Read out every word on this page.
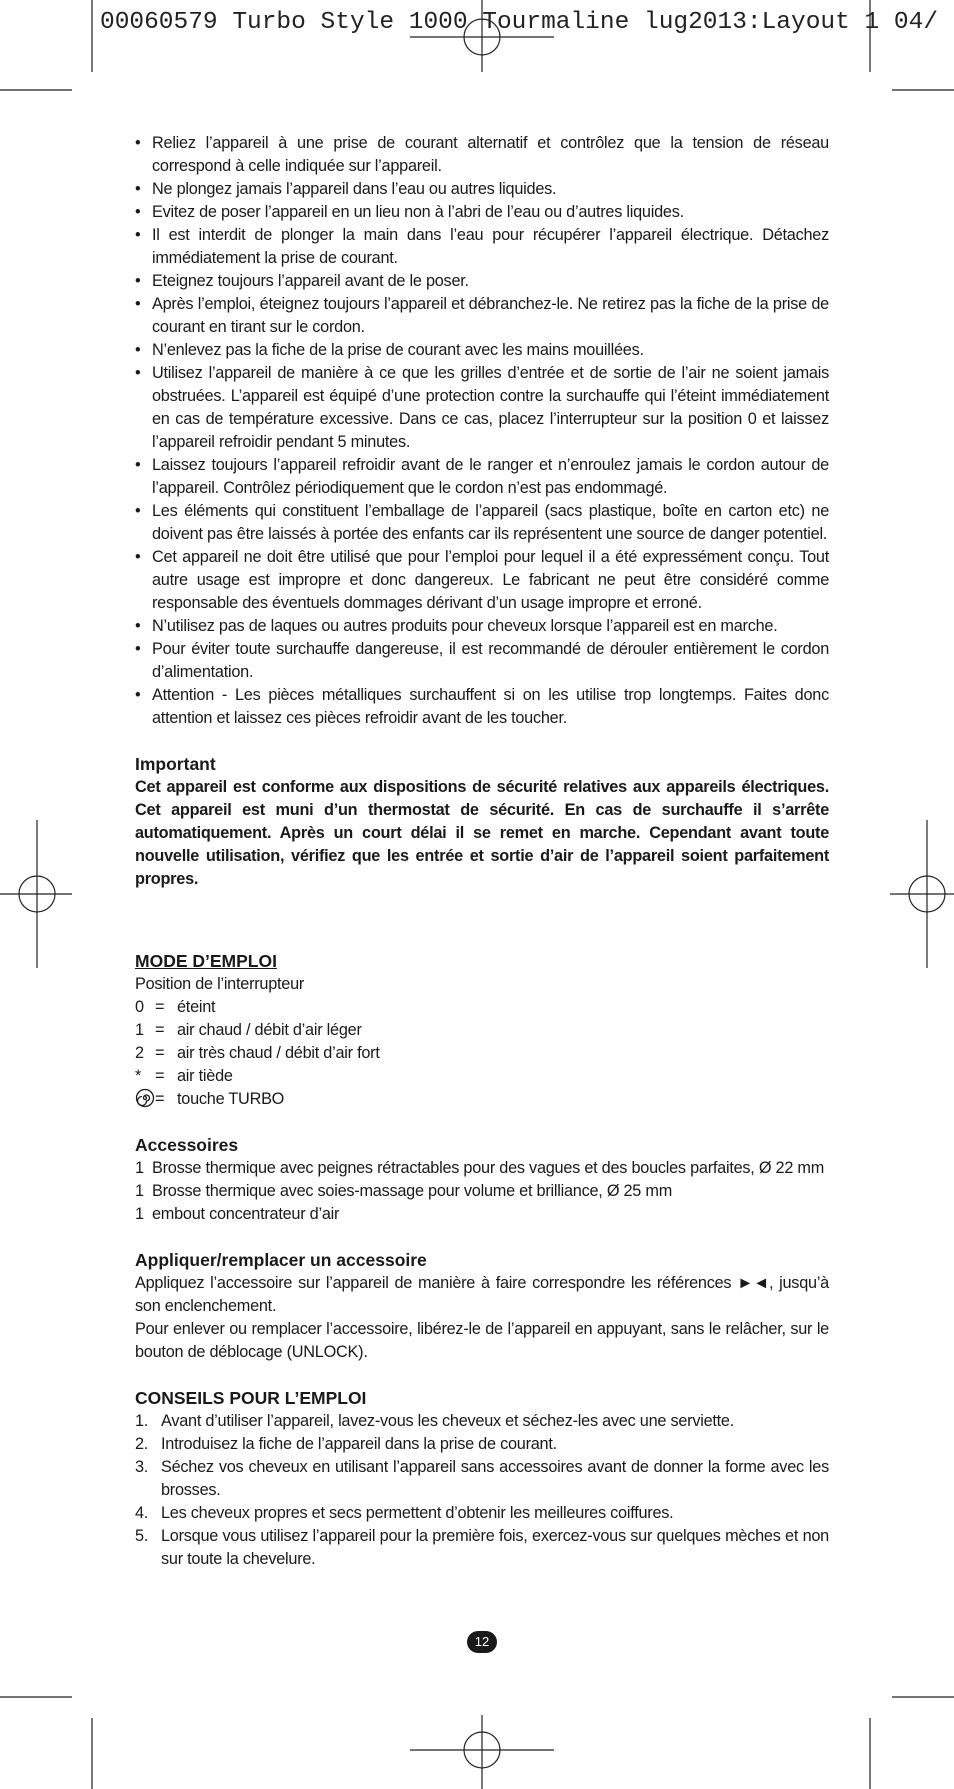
00060579 Turbo Style 1000 Tourmaline lug2013:Layout 1 04/
• Reliez l’appareil à une prise de courant alternatif et contrôlez que la tension de réseau correspond à celle indiquée sur l’appareil.
• Ne plongez jamais l’appareil dans l’eau ou autres liquides.
• Evitez de poser l’appareil en un lieu non à l’abri de l’eau ou d’autres liquides.
• Il est interdit de plonger la main dans l’eau pour récupérer l’appareil électrique. Détachez immédiatement la prise de courant.
• Eteignez toujours l’appareil avant de le poser.
• Après l’emploi, éteignez toujours l’appareil et débranchez-le. Ne retirez pas la fiche de la prise de courant en tirant sur le cordon.
• N’enlevez pas la fiche de la prise de courant avec les mains mouillées.
• Utilisez l’appareil de manière à ce que les grilles d’entrée et de sortie de l’air ne soient jamais obstruées. L’appareil est équipé d’une protection contre la surchauffe qui l’éteint immédiatement en cas de température excessive. Dans ce cas, placez l’interrupteur sur la position 0 et laissez l’appareil refroidir pendant 5 minutes.
• Laissez toujours l’appareil refroidir avant de le ranger et n’enroulez jamais le cordon autour de l’appareil. Contrôlez périodiquement que le cordon n’est pas endommagé.
• Les éléments qui constituent l’emballage de l’appareil (sacs plastique, boîte en carton etc) ne doivent pas être laissés à portée des enfants car ils représentent une source de danger potentiel.
• Cet appareil ne doit être utilisé que pour l’emploi pour lequel il a été expressément conçu. Tout autre usage est impropre et donc dangereux. Le fabricant ne peut être considéré comme responsable des éventuels dommages dérivant d’un usage impropre et erroné.
• N’utilisez pas de laques ou autres produits pour cheveux lorsque l’appareil est en marche.
• Pour éviter toute surchauffe dangereuse, il est recommandé de dérouler entièrement le cordon d’alimentation.
• Attention - Les pièces métalliques surchauffent si on les utilise trop longtemps. Faites donc attention et laissez ces pièces refroidir avant de les toucher.
Important
Cet appareil est conforme aux dispositions de sécurité relatives aux appareils électriques. Cet appareil est muni d’un thermostat de sécurité. En cas de surchauffe il s’arrête automatiquement. Après un court délai il se remet en marche. Cependant avant toute nouvelle utilisation, vérifiez que les entrée et sortie d’air de l’appareil soient parfaitement propres.
MODE D’EMPLOI
Position de l’interrupteur
0 = éteint
1 = air chaud / débit d’air léger
2 = air très chaud / débit d’air fort
* = air tiède
= touche TURBO
Accessoires
1 Brosse thermique avec peignes rétractables pour des vagues et des boucles parfaites, Ø 22 mm
1 Brosse thermique avec soies-massage pour volume et brilliance, Ø 25 mm
1 embout concentrateur d’air
Appliquer/remplacer un accessoire
Appliquez l’accessoire sur l’appareil de manière à faire correspondre les références ►◄, jusqu’à son enclenchement.
Pour enlever ou remplacer l’accessoire, libérez-le de l’appareil en appuyant, sans le relâcher, sur le bouton de déblocage (UNLOCK).
CONSEILS POUR L’EMPLOI
1. Avant d’utiliser l’appareil, lavez-vous les cheveux et séchez-les avec une serviette.
2. Introduisez la fiche de l’appareil dans la prise de courant.
3. Séchez vos cheveux en utilisant l’appareil sans accessoires avant de donner la forme avec les brosses.
4. Les cheveux propres et secs permettent d’obtenir les meilleures coiffures.
5. Lorsque vous utilisez l’appareil pour la première fois, exercez-vous sur quelques mèches et non sur toute la chevelure.
12
